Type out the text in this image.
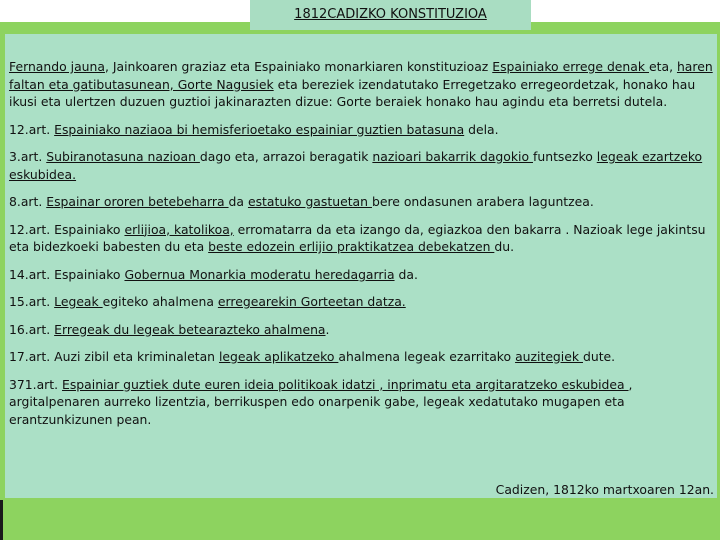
1812CADIZKO KONSTITUZIOA

Fernando jauna, Jainkoaren graziaz eta Espainiako monarkiaren konstituzioaz Espainiako errege denak eta, haren faltan eta gatibutasunean, Gorte Nagusiek eta bereziek izendatutako Erregetzako erregeordetzak, honako hau ikusi eta ulertzen duzuen guztioi jakinarazten dizue: Gorte beraiek honako hau agindu eta berretsi dutela.

12.art. Espainiako naziaoa bi hemisferioetako espainiar guztien batasuna dela.

3.art. Subiranotasuna nazioan dago eta, arrazoi beragatik nazioari bakarrik dagokio funtsezko legeak ezartzeko eskubidea.

8.art. Espainar ororen betebeharra da estatuko gastuetan bere ondasunen arabera laguntzea.

12.art. Espainiako erlijioa, katolikoa, erromatarra da eta izango da, egiazkoa den bakarra . Nazioak lege jakintsu eta bidezkoeki babesten du eta beste edozein erlijio praktikatzea debekatzen du.

14.art. Espainiako Gobernua Monarkia moderatu heredagarria da.

15.art. Legeak egiteko ahalmena erregearekin Gorteetan datza.

16.art. Erregeak du legeak betearazteko ahalmena.

17.art. Auzi zibil eta kriminaletan legeak aplikatzeko ahalmena legeak ezarritako auzitegiek dute.

371.art. Espainiar guztiek dute euren ideia politikoak idatzi , inprimatu eta argitaratzeko eskubidea , argitalpenaren aurreko lizentzia, berrikuspen edo onarpenik gabe, legeak xedatutako mugapen eta erantzunkizunen pean.

Cadizen, 1812ko martxoaren 12an.
